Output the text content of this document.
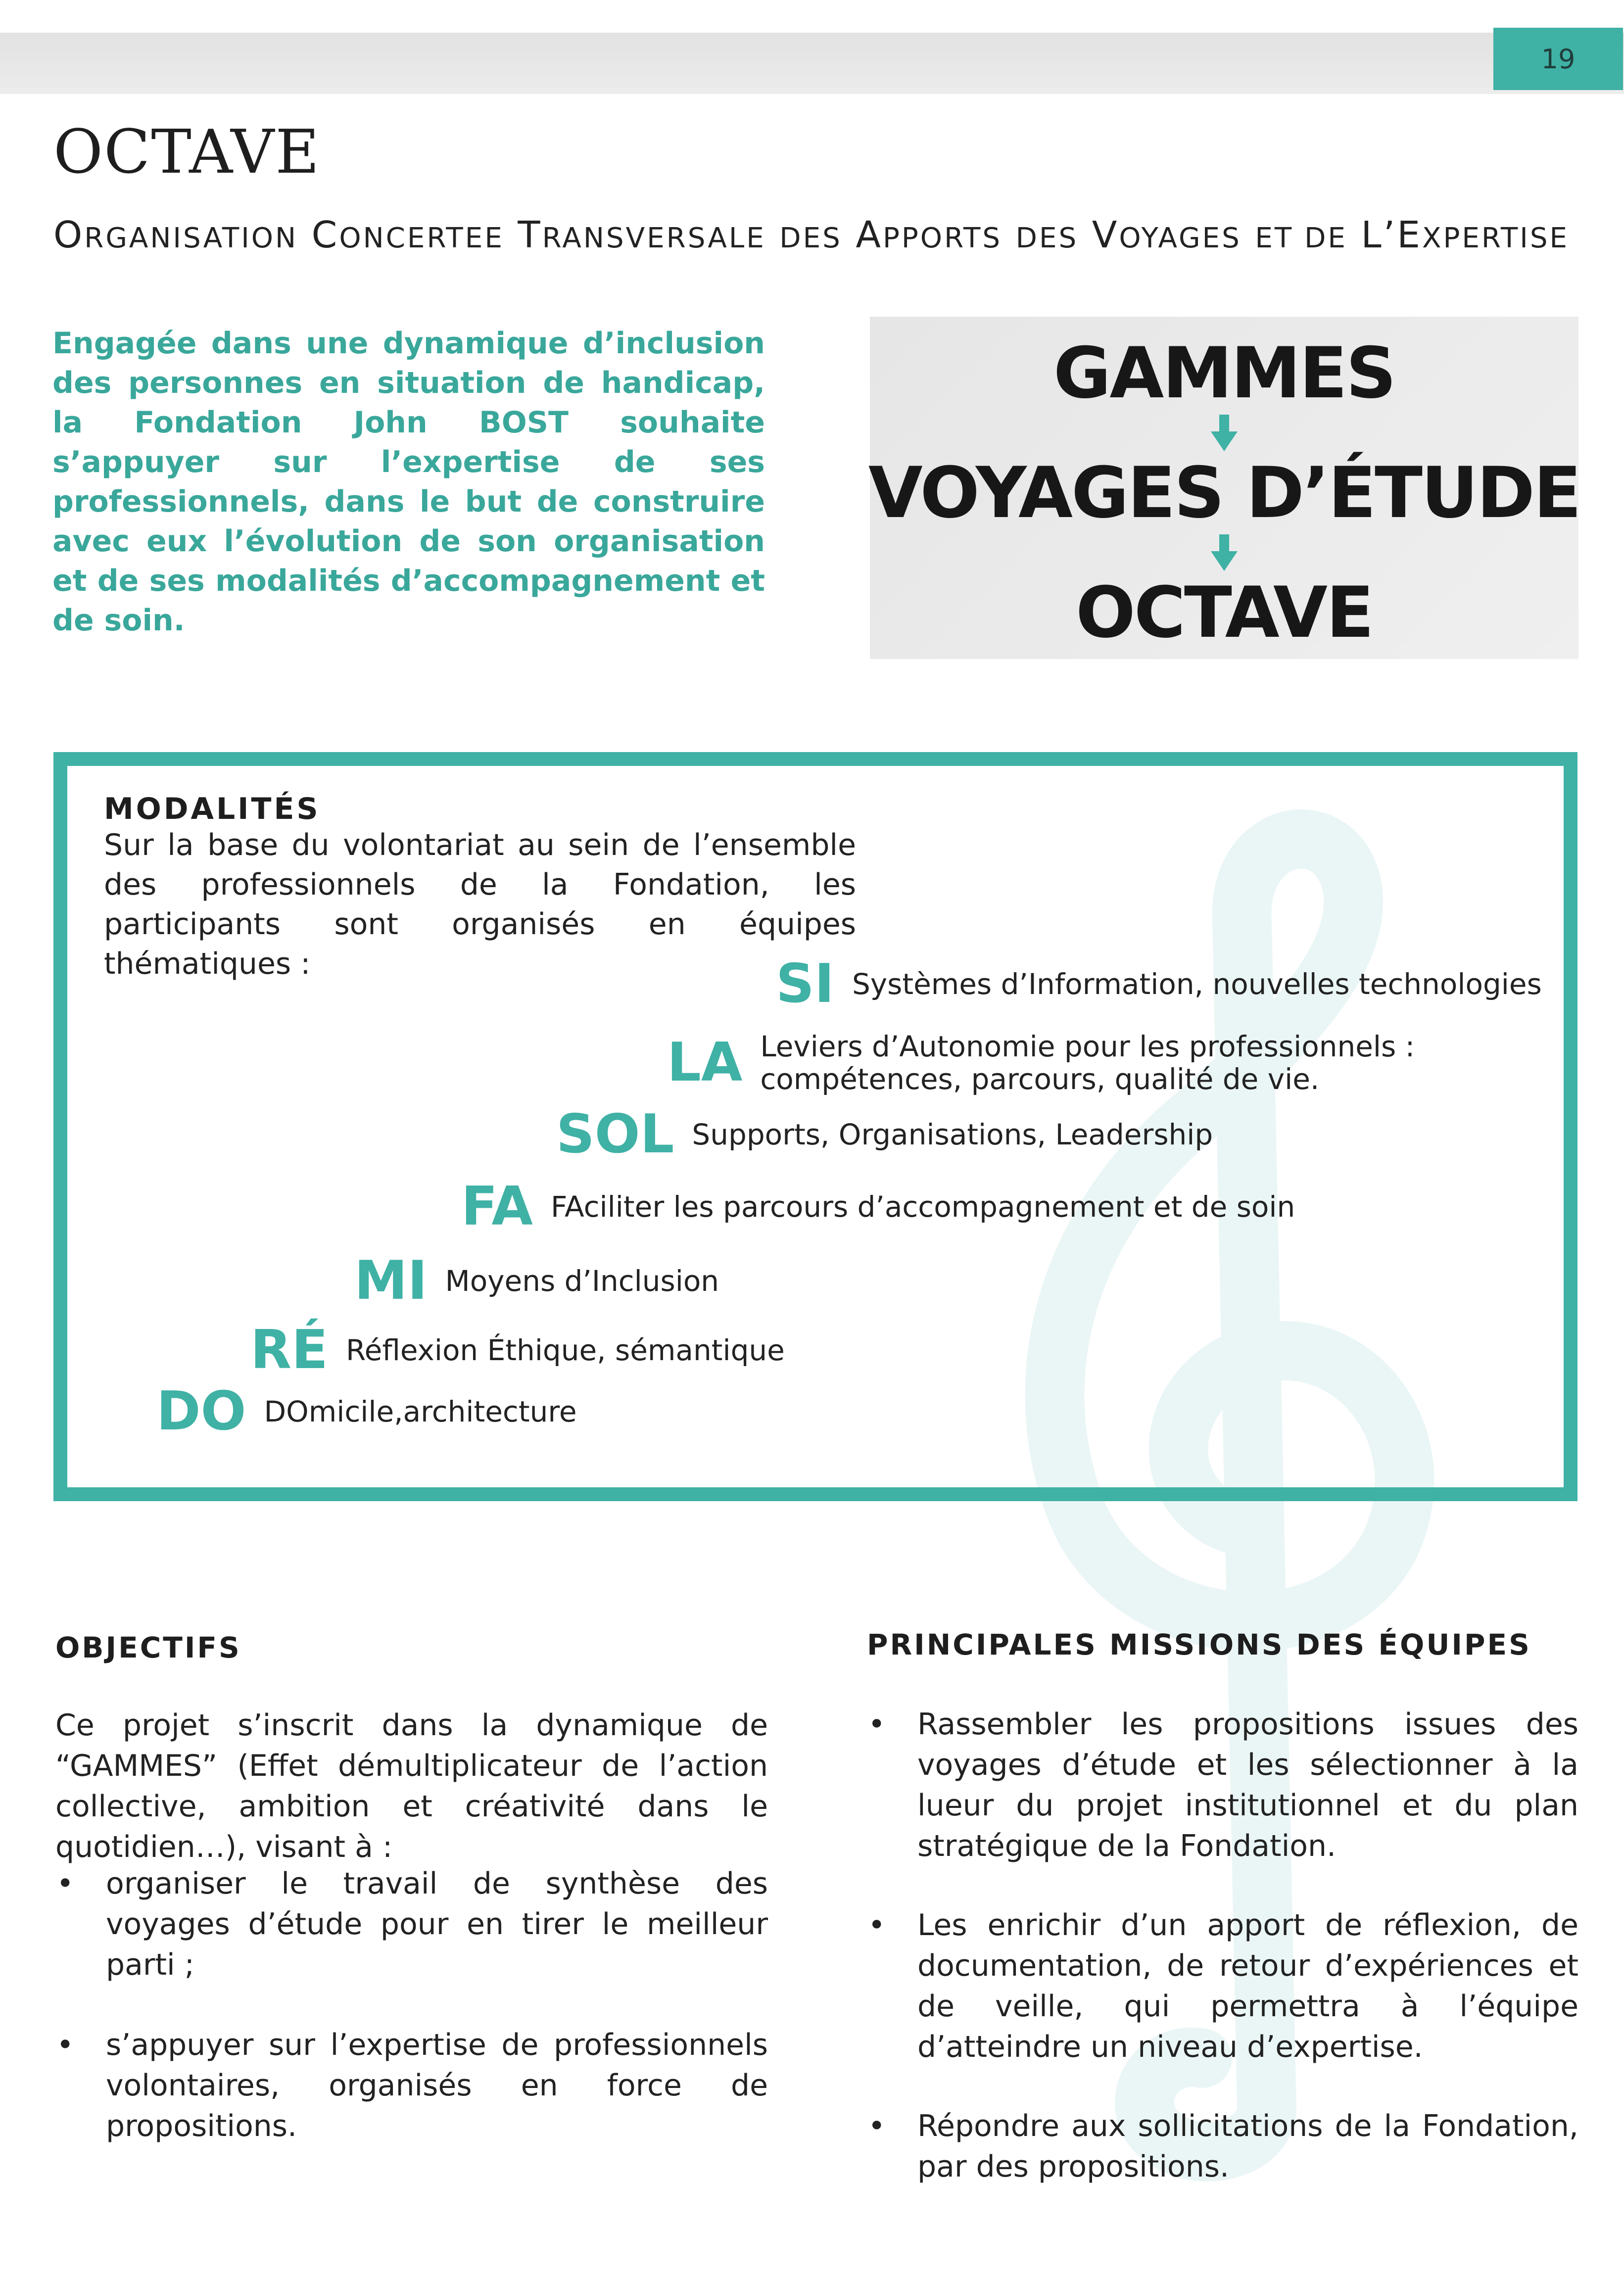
19
OCTAVE
ORGANISATION CONCERTEE TRANSVERSALE DES APPORTS DES VOYAGES ET DE L’EXPERTISE

Engagée dans une dynamique d’inclusion des personnes en situation de handicap, la Fondation John BOST souhaite s’appuyer sur l’expertise de ses professionnels, dans le but de construire avec eux l’évolution de son organisation et de ses modalités d’accompagnement et de soin.

GAMMES
VOYAGES D’ÉTUDE
OCTAVE
MODALITÉS

Sur la base du volontariat au sein de l’ensemble des professionnels de la Fondation, les participants sont organisés en équipes thématiques :	SI Systèmes d’Information, nouvelles technologies
LA Leviers d’Autonomie pour les professionnels :
compétences, parcours, qualité de vie.
SOL Supports, Organisations, Leadership
FA FAciliter les parcours d’accompagnement et de soin
MI Moyens d’Inclusion
RÉ Réflexion Éthique, sémantique
DO DOmicile,architecture
OBJECTIFS

Ce projet s’inscrit dans la dynamique de “GAMMES” (Effet démultiplicateur de l’action collective, ambition et créativité dans le quotidien…), visant à :

• organiser le travail de synthèse des voyages d’étude pour en tirer le meilleur parti ;
• s’appuyer sur l’expertise de professionnels volontaires, organisés en force de propositions.
PRINCIPALES MISSIONS DES ÉQUIPES
• Rassembler les propositions issues des voyages d’étude et les sélectionner à la lueur du projet institutionnel et du plan stratégique de la Fondation.
• Les enrichir d’un apport de réflexion, de documentation, de retour d’expériences et de veille, qui permettra à l’équipe d’atteindre un niveau d’expertise.
• Répondre aux sollicitations de la Fondation, par des propositions.
